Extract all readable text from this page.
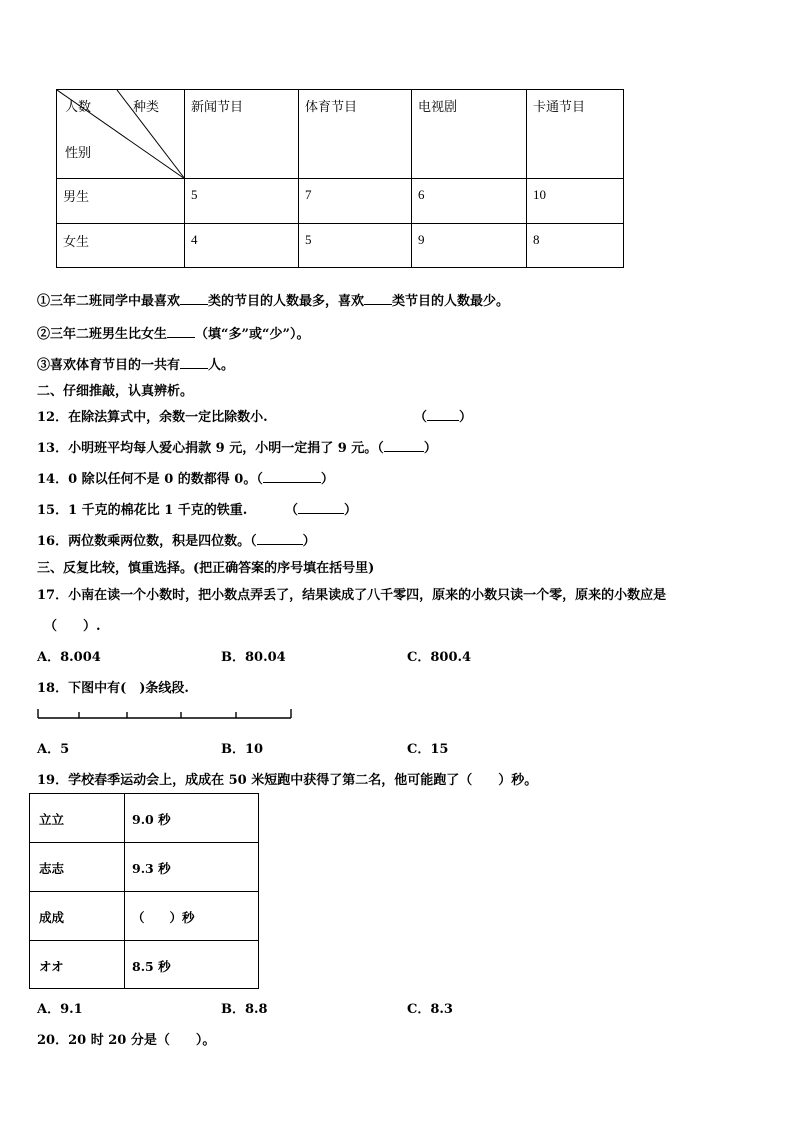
人数	种类
性别
新闻节目	体育节目	电视剧	卡通节目
男生	5	7	6	10
女生	4	5	9	8
①三年二班同学中最喜欢 类的节目的人数最多，喜欢 类节目的人数最少。
②三年二班男生比女生 （填“多”或“少”）。
③喜欢体育节目的一共有 人。
二、仔细推敲，认真辨析。
12．在除法算式中，余数一定比除数小.	（ ）
13．小明班平均每人爱心捐款 9 元，小明一定捐了 9 元。（	）
14．0 除以任何不是 0 的数都得 0。（	）
15．1 千克的棉花比 1 千克的铁重.	（	）
16．两位数乘两位数，积是四位数。（	）
三、反复比较，慎重选择。(把正确答案的序号填在括号里)
17．小南在读一个小数时，把小数点弄丢了，结果读成了八千零四，原来的小数只读一个零，原来的小数应是
（　　）.
A．8.004	B．80.04	C．800.4
18．下图中有(　)条线段.
A．5	B．10	C．15
19．学校春季运动会上，成成在 50 米短跑中获得了第二名，他可能跑了（　　）秒。
立立	9.0 秒
志志	9.3 秒
成成	（　　）秒
オオ	8.5 秒
A．9.1	B．8.8	C．8.3
20．20 时 20 分是（　　）。
